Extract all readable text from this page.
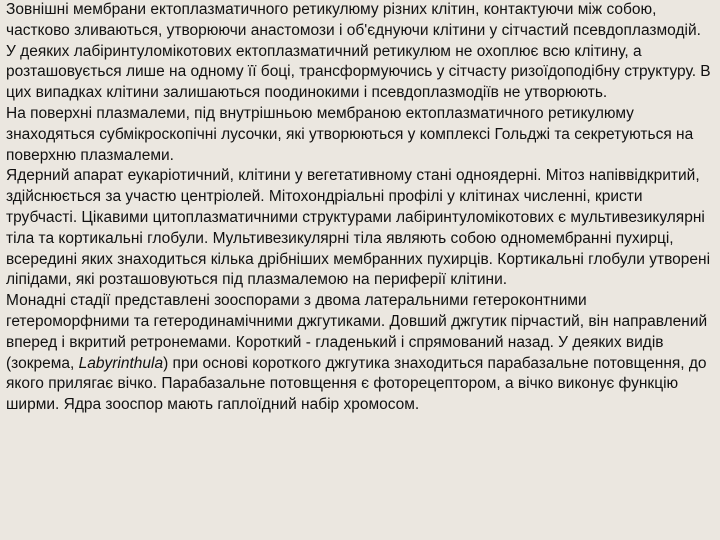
Зовнішні мембрани ектоплазматичного ретикулюму різних клітин, контактуючи між собою, частково зливаються, утворюючи анастомози і об'єднуючи клітини у сітчастий псевдоплазмодій. У деяких лабіринтуломікотових ектоплазматичний ретикулюм не охоплює всю клітину, а розташовується лише на одному її боці, трансформуючись у сітчасту ризоїдоподібну структуру. В цих випадках клітини залишаються поодинокими і псевдоплазмодіїв не утворюють.
На поверхні плазмалеми, під внутрішньою мембраною ектоплазматичного ретикулюму знаходяться субмікроскопічні лусочки, які утворюються у комплексі Гольджі та секретуються на поверхню плазмалеми.
Ядерний апарат еукаріотичний, клітини у вегетативному стані одноядерні. Мітоз напіввідкритий, здійснюється за участю центріолей. Мітохондріальні профілі у клітинах численні, кристи трубчасті. Цікавими цитоплазматичними структурами лабіринтуломікотових є мультивезикулярні тіла та кортикальні глобули. Мультивезикулярні тіла являють собою одномембранні пухирці, всередині яких знаходиться кілька дрібніших мембранних пухирців. Кортикальні глобули утворені ліпідами, які розташовуються під плазмалемою на периферії клітини.
Монадні стадії представлені зооспорами з двома латеральними гетероконтними гетероморфними та гетеродинамічними джгутиками. Довший джгутик пірчастий, він направлений вперед і вкритий ретронемами. Короткий - гладенький і спрямований назад. У деяких видів (зокрема, Labyrinthula) при основі короткого джгутика знаходиться парабазальне потовщення, до якого прилягає вічко. Парабазальне потовщення є фоторецептором, а вічко виконує функцію ширми. Ядра зооспор мають гаплоїдний набір хромосом.
